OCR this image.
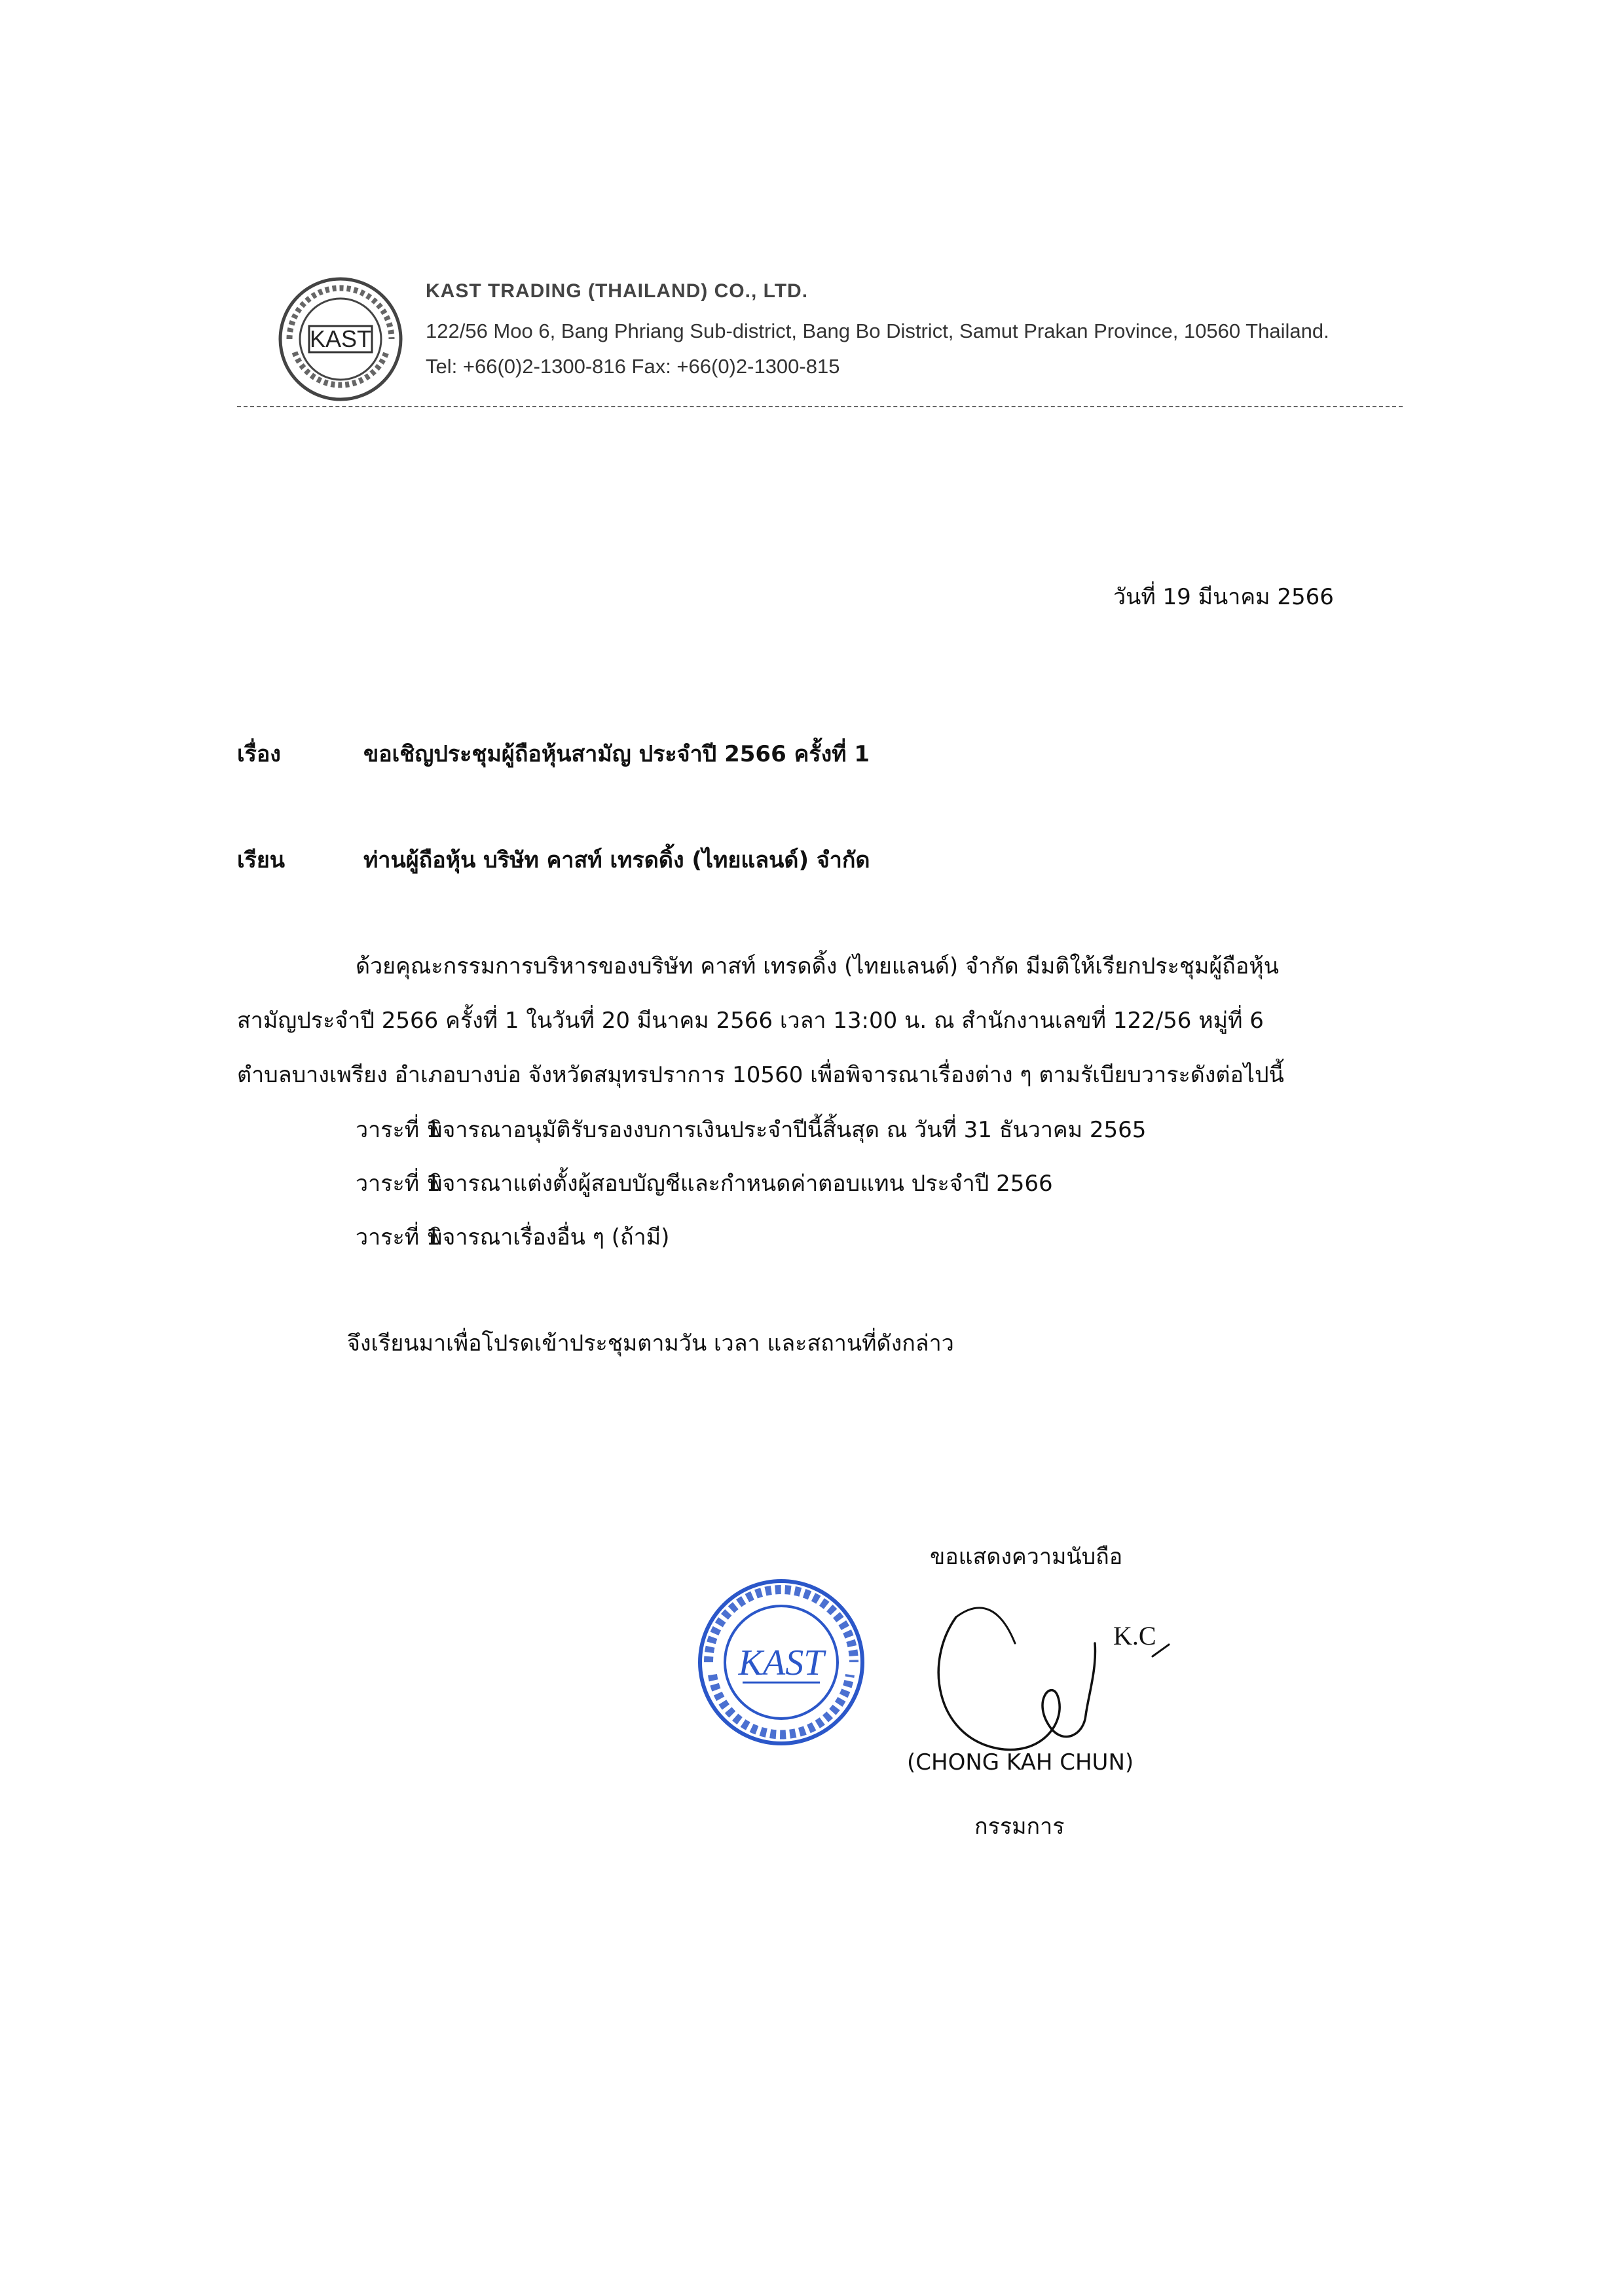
KAST
KAST TRADING (THAILAND) CO., LTD.
122/56 Moo 6, Bang Phriang Sub-district, Bang Bo District, Samut Prakan Province, 10560 Thailand.
Tel: +66(0)2-1300-816 Fax: +66(0)2-1300-815
วันที่ 19 มีนาคม 2566
เรื่อง	ขอเชิญประชุมผู้ถือหุ้นสามัญ ประจำปี 2566 ครั้งที่ 1
เรียน	ท่านผู้ถือหุ้น บริษัท คาสท์ เทรดดิ้ง (ไทยแลนด์) จำกัด
ด้วยคุณะกรรมการบริหารของบริษัท คาสท์ เทรดดิ้ง (ไทยแลนด์) จำกัด มีมติให้เรียกประชุมผู้ถือหุ้น
สามัญประจำปี 2566 ครั้งที่ 1 ในวันที่ 20 มีนาคม 2566 เวลา 13:00 น. ณ สำนักงานเลขที่ 122/56 หมู่ที่ 6
ตำบลบางเพรียง อำเภอบางบ่อ จังหวัดสมุทรปราการ 10560 เพื่อพิจารณาเรื่องต่าง ๆ ตามรัเบียบวาระดังต่อไปนี้
วาระที่ 1พิจารณาอนุมัติรับรองงบการเงินประจำปีนี้สิ้นสุด ณ วันที่ 31 ธันวาคม 2565
วาระที่ 1พิจารณาแต่งตั้งผู้สอบบัญชีและกำหนดค่าตอบแทน ประจำปี 2566
วาระที่ 1พิจารณาเรื่องอื่น ๆ (ถ้ามี)
จึงเรียนมาเพื่อโปรดเข้าประชุมตามวัน เวลา และสถานที่ดังกล่าว
ขอแสดงความนับถือ
KAST
K.C
(CHONG KAH CHUN)
กรรมการ
